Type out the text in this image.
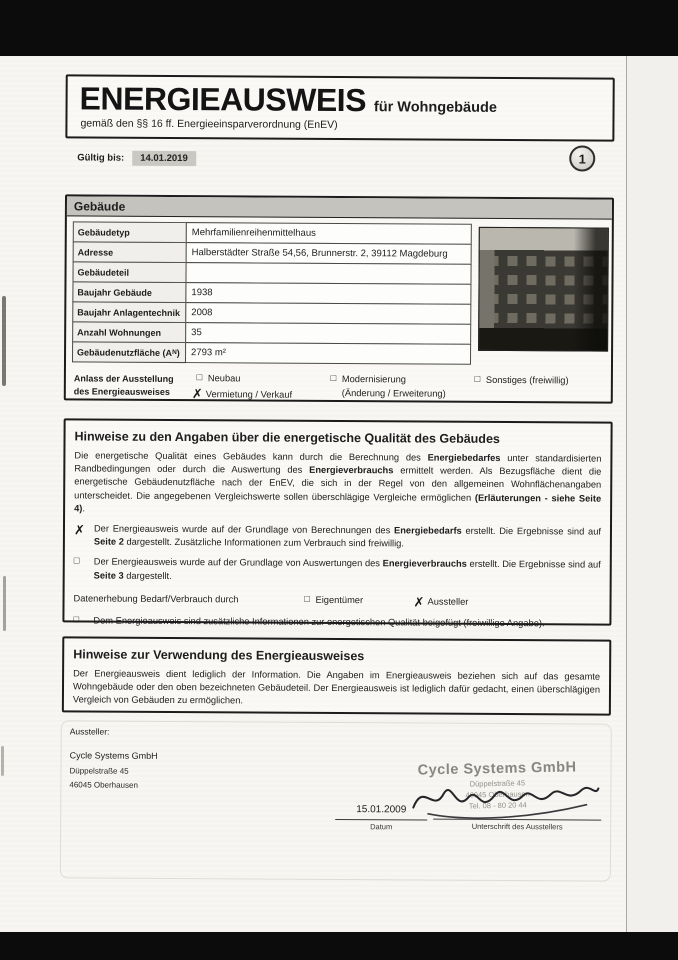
ENERGIEAUSWEIS für Wohngebäude
gemäß den §§ 16 ff. Energieeinsparverordnung (EnEV)
Gültig bis:	14.01.2019	1
Gebäude
Gebäudetyp	Mehrfamilienreihenmittelhaus
Adresse	Halberstädter Straße 54,56, Brunnerstr. 2, 39112 Magdeburg
Gebäudeteil
Baujahr Gebäude	1938
Baujahr Anlagentechnik	2008
Anzahl Wohnungen	35
Gebäudenutzfläche (A N )	2793 m²
Anlass der Ausstellung
des Energieausweises
□ Neubau
✗ Vermietung / Verkauf
□ Modernisierung
(Änderung / Erweiterung)
□ Sonstiges (freiwillig)
Hinweise zu den Angaben über die energetische Qualität des Gebäudes

Die energetische Qualität eines Gebäudes kann durch die Berechnung des Energiebedarfes unter standardisierten Randbedingungen oder durch die Auswertung des Energieverbrauchs ermittelt werden. Als Bezugsfläche dient die energetische Gebäudenutzfläche nach der EnEV, die sich in der Regel von den allgemeinen Wohnflächenangaben unterscheidet. Die angegebenen Vergleichswerte sollen überschlägige Vergleiche ermöglichen (Erläuterungen - siehe Seite 4).

✗ Der Energieausweis wurde auf der Grundlage von Berechnungen des Energiebedarfs erstellt. Die Ergebnisse sind auf Seite 2 dargestellt. Zusätzliche Informationen zum Verbrauch sind freiwillig.

□	Der Energieausweis wurde auf der Grundlage von Auswertungen des Energieverbrauchs erstellt. Die Ergebnisse sind auf Seite 3 dargestellt.

Datenerhebung Bedarf/Verbrauch durch	□ Eigentümer	✗ Aussteller
□	Dem Energieausweis sind zusätzliche Informationen zur energetischen Qualität beigefügt (freiwillige Angabe).

Hinweise zur Verwendung des Energieausweises

Der Energieausweis dient lediglich der Information. Die Angaben im Energieausweis beziehen sich auf das gesamte Wohngebäude oder den oben bezeichneten Gebäudeteil. Der Energieausweis ist lediglich dafür gedacht, einen überschlägigen Vergleich von Gebäuden zu ermöglichen.

Aussteller:
Cycle Systems GmbH
Düppelstraße 45
46045 Oberhausen
Cycle Systems GmbH
Düppelstraße 45
46045 Oberhausen
Tel. 08 - 80 20 44
15.01.2009
Datum	Unterschrift des Ausstellers
